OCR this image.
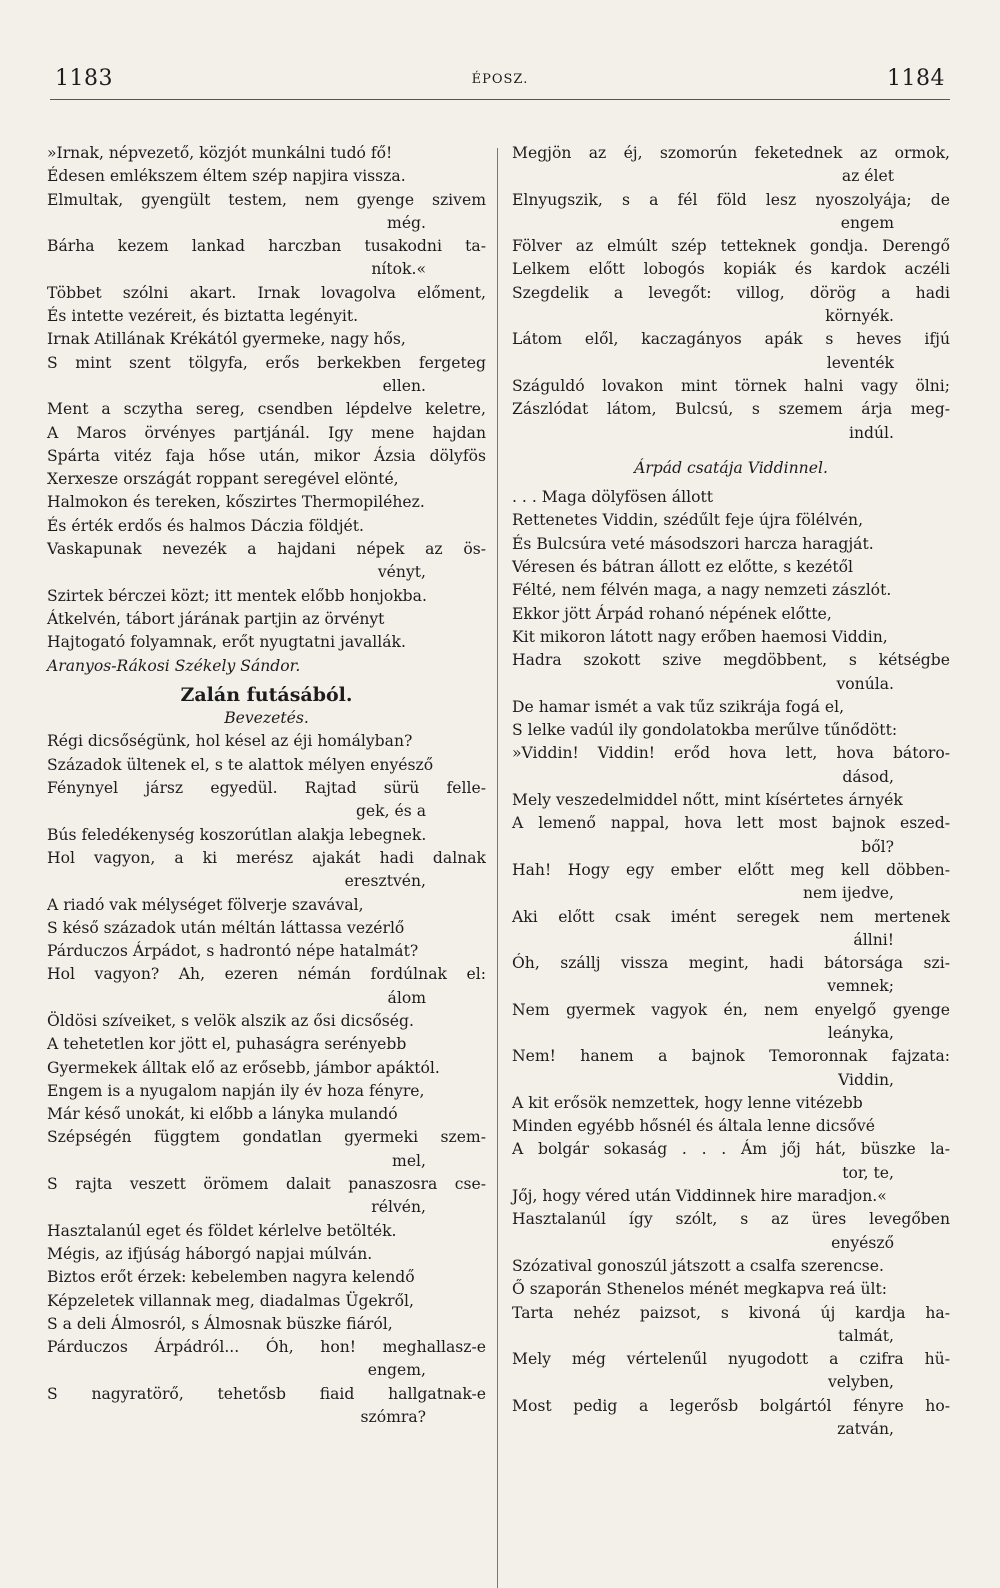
1183	ÉPOSZ.	1184
»Irnak, népvezető, közjót munkálni tudó fő!
Édesen emlékszem éltem szép napjira vissza.
Elmultak, gyengült testem, nem gyenge szivem
még.
Bárha kezem lankad harczban tusakodni ta-
nítok.«
Többet szólni akart. Irnak lovagolva előment,
És intette vezéreit, és biztatta legényit.
Irnak Atillának Krékától gyermeke, nagy hős,
S mint szent tölgyfa, erős berkekben fergeteg
ellen.
Ment a sczytha sereg, csendben lépdelve keletre,
A Maros örvényes partjánál. Igy mene hajdan
Spárta vitéz faja hőse után, mikor Ázsia dölyfös
Xerxesze országát roppant seregével elönté,
Halmokon és tereken, kőszirtes Thermopiléhez.
És érték erdős és halmos Dáczia földjét.
Vaskapunak nevezék a hajdani népek az ös-
vényt,
Szirtek bérczei közt; itt mentek előbb honjokba.
Átkelvén, tábort járának partjin az örvényt
Hajtogató folyamnak, erőt nyugtatni javallák.
Aranyos-Rákosi Székely Sándor.
Zalán futásából.
Bevezetés.
Régi dicsőségünk, hol késel az éji homályban?
Századok ültenek el, s te alattok mélyen enyésző
Fénynyel jársz egyedül. Rajtad sürü felle-
gek, és a
Bús feledékenység koszorútlan alakja lebegnek.
Hol vagyon, a ki merész ajakát hadi dalnak
eresztvén,
A riadó vak mélységet fölverje szavával,
S késő századok után méltán láttassa vezérlő
Párduczos Árpádot, s hadrontó népe hatalmát?
Hol vagyon? Ah, ezeren némán fordúlnak el:
álom
Öldösi szíveiket, s velök alszik az ősi dicsőség.
A tehetetlen kor jött el, puhaságra serényebb
Gyermekek álltak elő az erősebb, jámbor apáktól.
Engem is a nyugalom napján ily év hoza fényre,
Már késő unokát, ki előbb a lányka mulandó
Szépségén függtem gondatlan gyermeki szem-
mel,
S rajta veszett örömem dalait panaszosra cse-
rélvén,
Hasztalanúl eget és földet kérlelve betölték.
Mégis, az ifjúság háborgó napjai múlván.
Biztos erőt érzek: kebelemben nagyra kelendő
Képzeletek villannak meg, diadalmas Ügekről,
S a deli Álmosról, s Álmosnak büszke fiáról,
Párduczos Árpádról... Óh, hon! meghallasz-e
engem,
S nagyratörő, tehetősb fiaid hallgatnak-e
szómra?
Megjön az éj, szomorún feketednek az ormok,
az élet
Elnyugszik, s a fél föld lesz nyoszolyája; de
engem
Fölver az elmúlt szép tetteknek gondja. Derengő
Lelkem előtt lobogós kopiák és kardok aczéli
Szegdelik a levegőt: villog, dörög a hadi
környék.
Látom elől, kaczagányos apák s heves ifjú
leventék
Száguldó lovakon mint törnek halni vagy ölni;
Zászlódat látom, Bulcsú, s szemem árja meg-
indúl.
Árpád csatája Viddinnel.
. . . Maga dölyfösen állott
Rettenetes Viddin, szédűlt feje újra fölélvén,
És Bulcsúra veté másodszori harcza haragját.
Véresen és bátran állott ez előtte, s kezétől
Félté, nem félvén maga, a nagy nemzeti zászlót.
Ekkor jött Árpád rohanó népének előtte,
Kit mikoron látott nagy erőben haemosi Viddin,
Hadra szokott szive megdöbbent, s kétségbe
vonúla.
De hamar ismét a vak tűz szikrája fogá el,
S lelke vadúl ily gondolatokba merűlve tűnődött:
»Viddin! Viddin! erőd hova lett, hova bátoro-
dásod,
Mely veszedelmiddel nőtt, mint kísértetes árnyék
A lemenő nappal, hova lett most bajnok eszed-
ből?
Hah! Hogy egy ember előtt meg kell döbben-
nem ijedve,
Aki előtt csak imént seregek nem mertenek
állni!
Óh, szállj vissza megint, hadi bátorsága szi-
vemnek;
Nem gyermek vagyok én, nem enyelgő gyenge
leányka,
Nem! hanem a bajnok Temoronnak fajzata:
Viddin,
A kit erősök nemzettek, hogy lenne vitézebb
Minden egyébb hősnél és általa lenne dicsővé
A bolgár sokaság . . . Ám jőj hát, büszke la-
tor, te,
Jőj, hogy véred után Viddinnek hire maradjon.«
Hasztalanúl így szólt, s az üres levegőben
enyésző
Szózatival gonoszúl játszott a csalfa szerencse.
Ő szaporán Sthenelos ménét megkapva reá ült:
Tarta nehéz paizsot, s kivoná új kardja ha-
talmát,
Mely még vértelenűl nyugodott a czifra hü-
velyben,
Most pedig a legerősb bolgártól fényre ho-
zatván,
